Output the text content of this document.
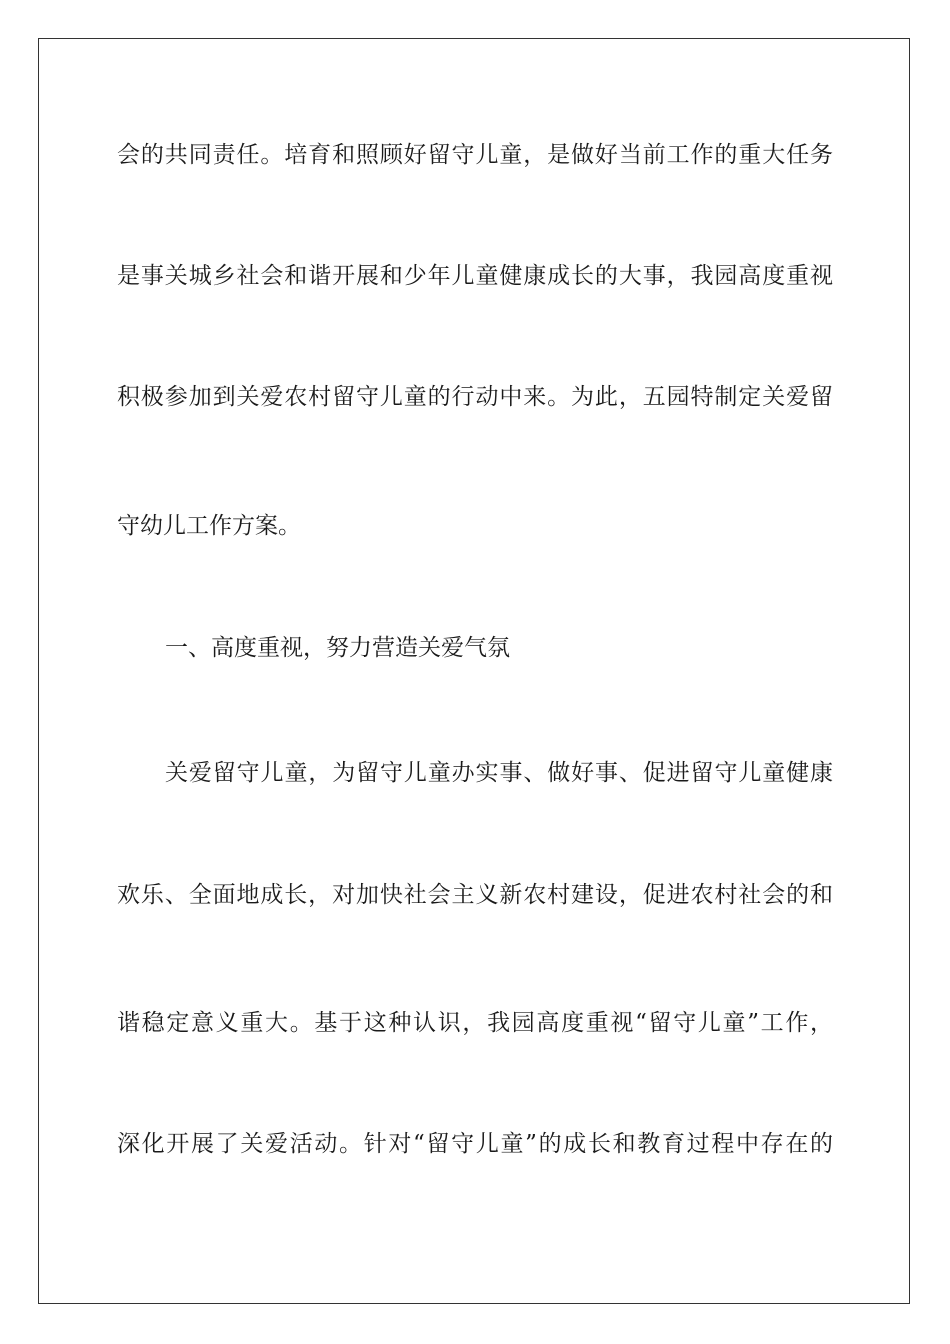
会的共同责任。培育和照顾好留守儿童，是做好当前工作的重大任务
是事关城乡社会和谐开展和少年儿童健康成长的大事，我园高度重视
积极参加到关爱农村留守儿童的行动中来。为此，五园特制定关爱留
守幼儿工作方案。
一、高度重视，努力营造关爱气氛
关爱留守儿童，为留守儿童办实事、做好事、促进留守儿童健康
欢乐、全面地成长，对加快社会主义新农村建设，促进农村社会的和
谐稳定意义重大。基于这种认识，我园高度重视“留守儿童”工作，
深化开展了关爱活动。针对“留守儿童”的成长和教育过程中存在的
